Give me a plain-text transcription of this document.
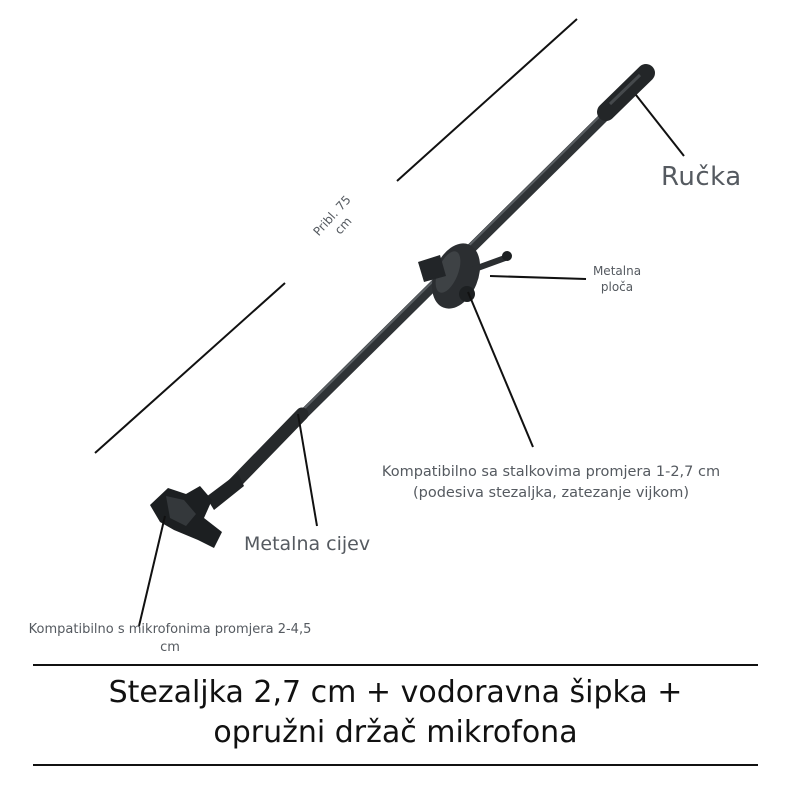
Ručka
Pribl. 75 cm
Metalna ploča
Kompatibilno sa stalkovima promjera 1-2,7 cm (podesiva stezaljka, zatezanje vijkom)
Metalna cijev
Kompatibilno s mikrofonima promjera 2-4,5 cm
Stezaljka 2,7 cm + vodoravna šipka +
opružni držač mikrofona
